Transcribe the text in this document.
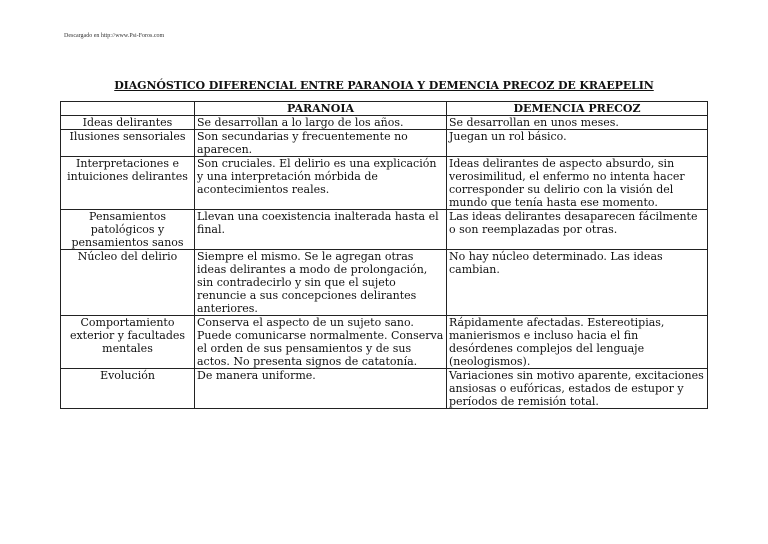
Descargado en http://www.Psi-Foros.com
DIAGNÓSTICO DIFERENCIAL ENTRE PARANOIA Y DEMENCIA PRECOZ DE KRAEPELIN
	PARANOIA	DEMENCIA PRECOZ
Ideas delirantes	Se desarrollan a lo largo de los años.	Se desarrollan en unos meses.
Ilusiones sensoriales	Son secundarias y frecuentemente no aparecen.	Juegan un rol básico.
Interpretaciones e intuiciones delirantes	Son cruciales. El delirio es una explicación y una interpretación mórbida de acontecimientos reales.	Ideas delirantes de aspecto absurdo, sin verosimilitud, el enfermo no intenta hacer corresponder su delirio con la visión del mundo que tenía hasta ese momento.
Pensamientos patológicos y pensamientos sanos	Llevan una coexistencia inalterada hasta el final.	Las ideas delirantes desaparecen fácilmente o son reemplazadas por otras.
Núcleo del delirio	Siempre el mismo. Se le agregan otras ideas delirantes a modo de prolongación, sin contradecirlo y sin que el sujeto renuncie a sus concepciones delirantes anteriores.	No hay núcleo determinado. Las ideas cambian.
Comportamiento exterior y facultades mentales	Conserva el aspecto de un sujeto sano. Puede comunicarse normalmente. Conserva el orden de sus pensamientos y de sus actos. No presenta signos de catatonía.	Rápidamente afectadas. Estereotipias, manierismos e incluso hacia el fin desórdenes complejos del lenguaje (neologismos).
Evolución	De manera uniforme.	Variaciones sin motivo aparente, excitaciones ansiosas o eufóricas, estados de estupor y períodos de remisión total.
